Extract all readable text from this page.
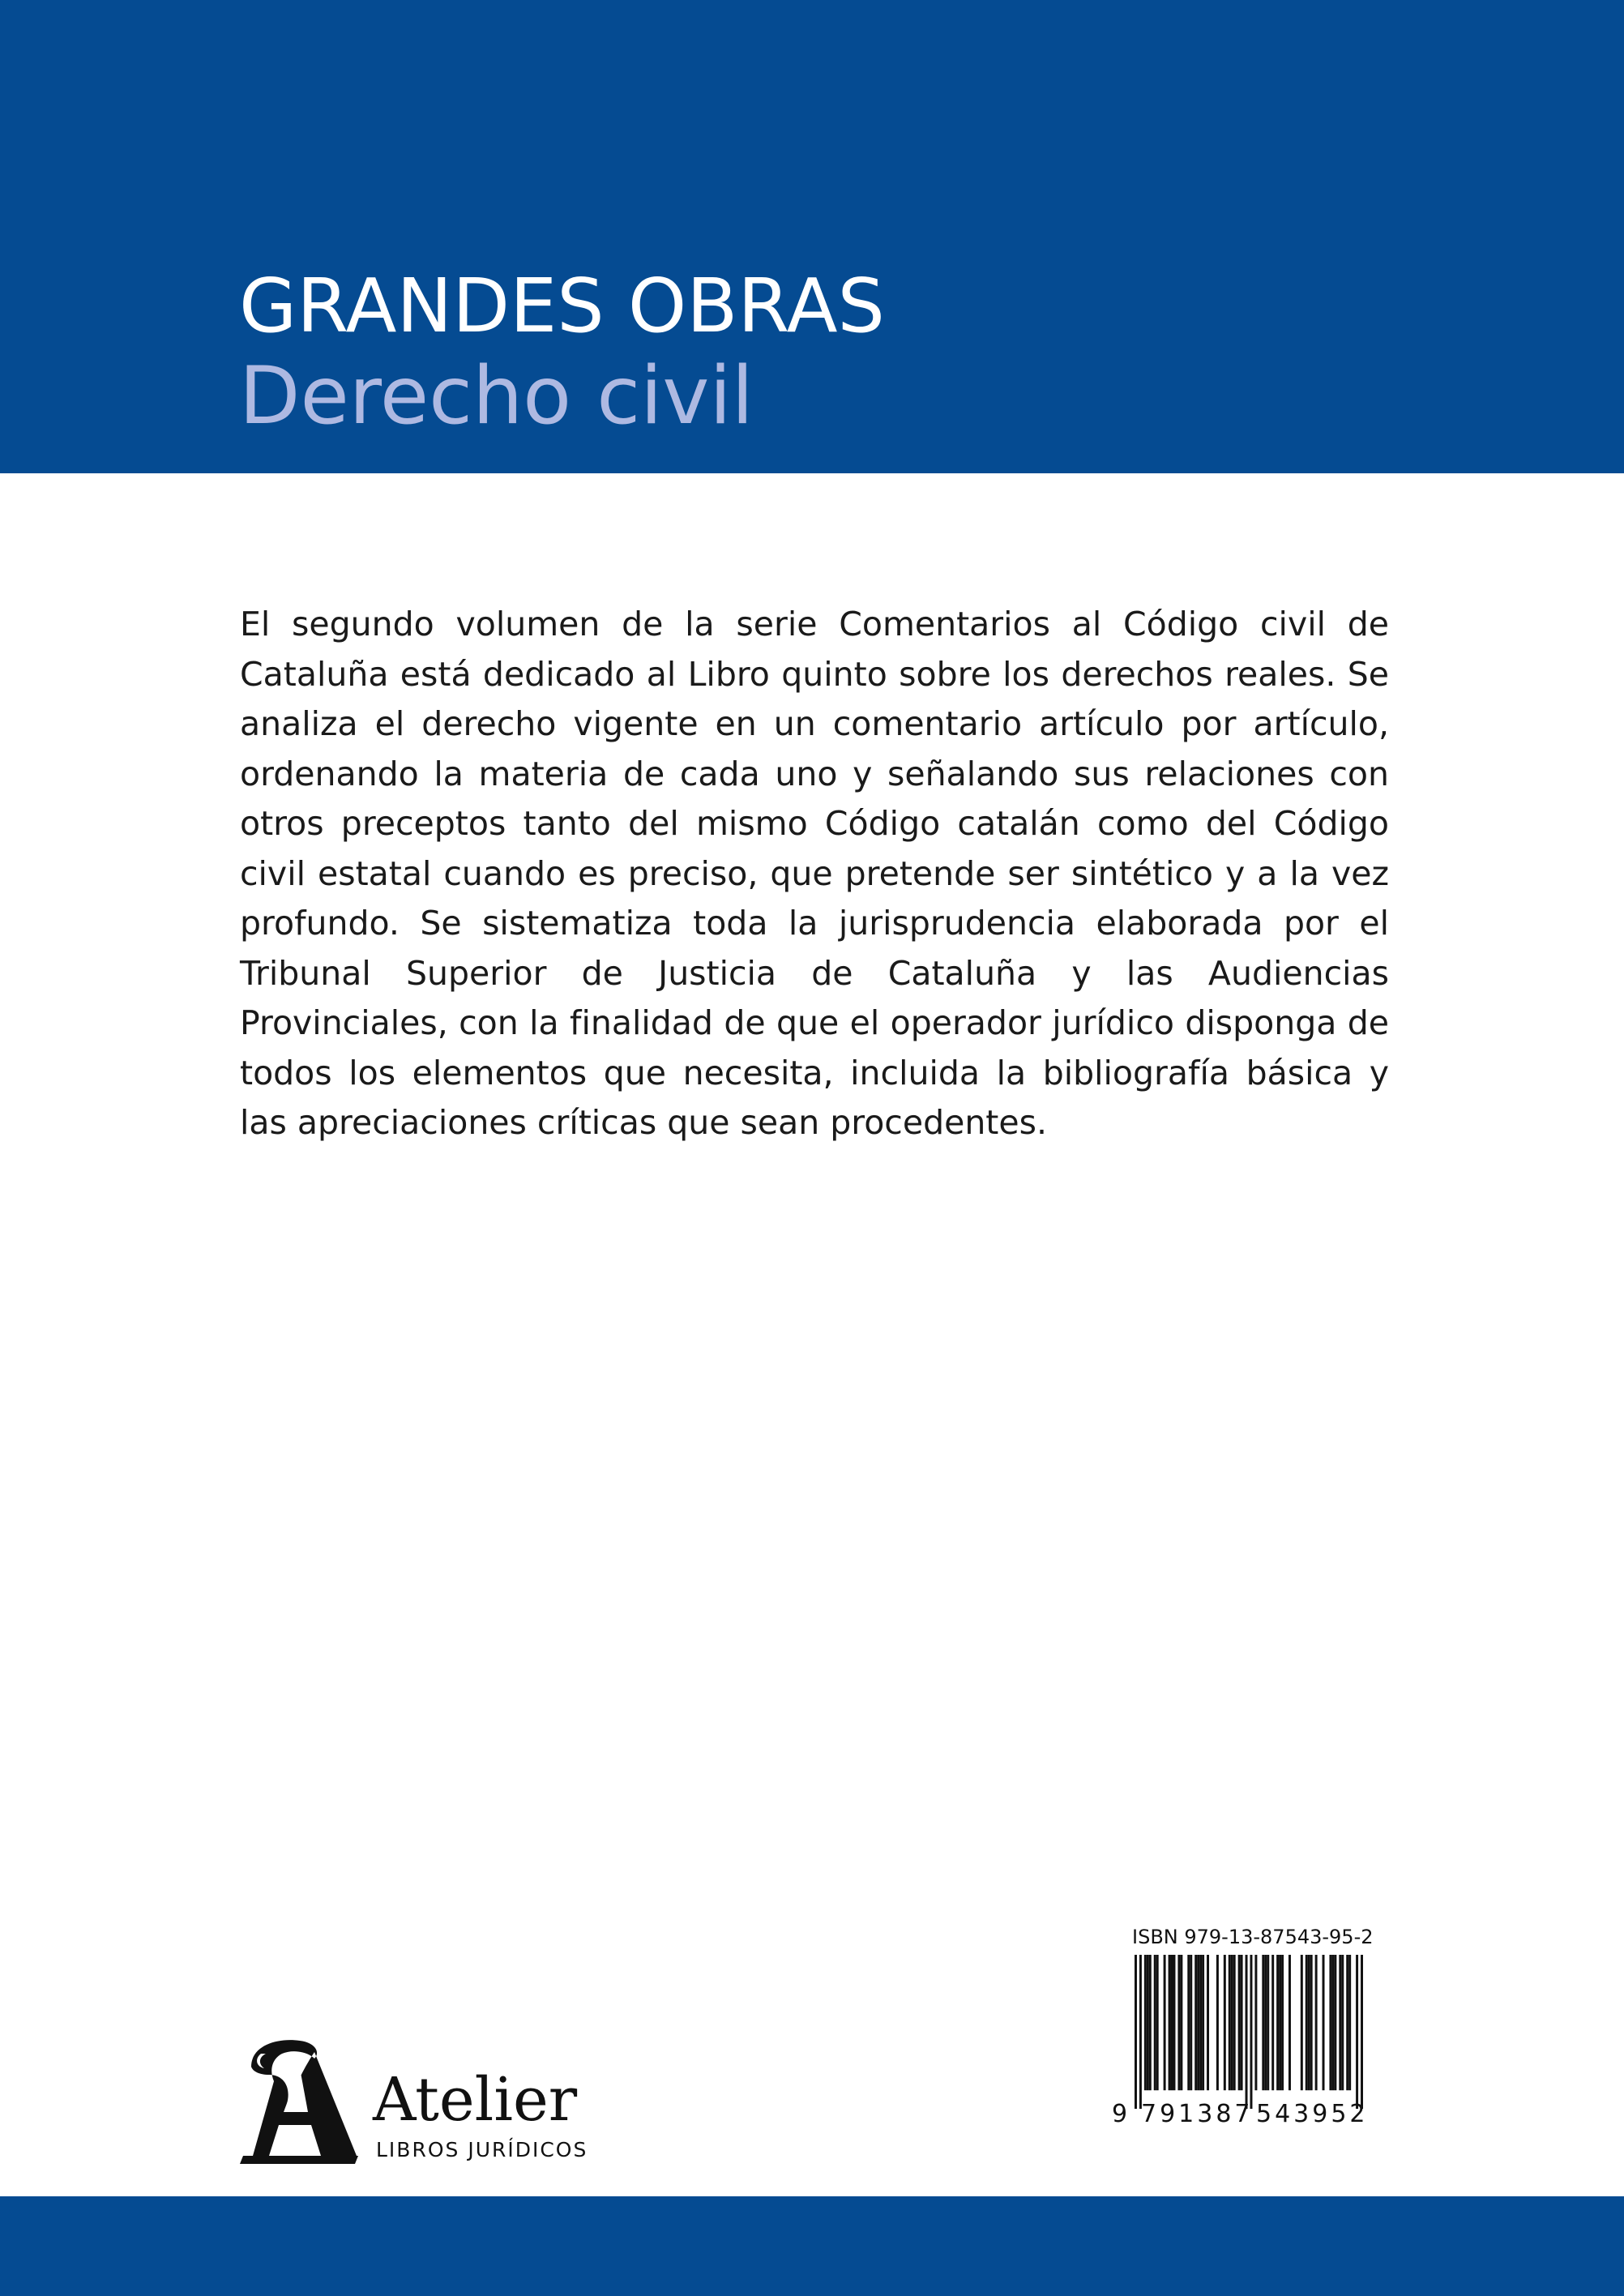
GRANDES OBRAS
Derecho civil

El segundo volumen de la serie Comentarios al Código civil de Cataluña está dedicado al Libro quinto sobre los derechos reales. Se analiza el derecho vigente en un comentario artículo por artículo, ordenando la materia de cada uno y señalando sus relaciones con otros preceptos tanto del mismo Código catalán como del Código civil estatal cuando es preciso, que pretende ser sintético y a la vez profundo. Se sistematiza toda la jurisprudencia elaborada por el Tribunal Superior de Justicia de Cataluña y las Audiencias Provinciales, con la finalidad de que el operador jurídico disponga de todos los elementos que necesita, incluida la bibliografía básica y las apreciaciones críticas que sean procedentes.

Atelier
LIBROS JURÍDICOS
ISBN 979-13-87543-95-2
9 791387 543952
